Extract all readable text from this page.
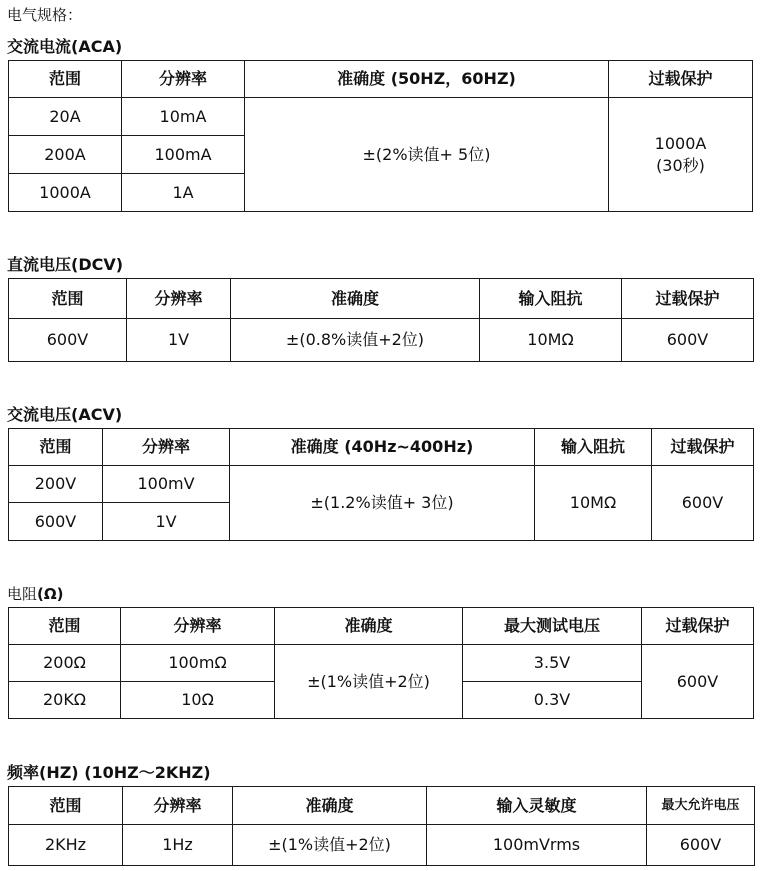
电气规格：
交流电流(ACA)
范围	分辨率	准确度 (50HZ，60HZ)	过载保护
20A	10mA	±(2%读值+ 5位)	1000A
(30秒)

200A	100mA		
1000A	1A		
直流电压(DCV)
范围	分辨率	准确度	输入阻抗	过载保护
600V	1V	±(0.8%读值+2位)	10MΩ	600V
交流电压(ACV)
范围	分辨率	准确度 (40Hz~400Hz)	输入阻抗	过载保护
200V	100mV	±(1.2%读值+ 3位)	10MΩ	600V
600V	1V			
电阻(Ω)
范围	分辨率	准确度	最大测试电压	过载保护
200Ω	100mΩ	±(1%读值+2位)	3.5V	600V
20KΩ	10Ω		0.3V	
频率(HZ) (10HZ～2KHZ)
范围	分辨率	准确度	输入灵敏度	最大允许电压
2KHz	1Hz	±(1%读值+2位)	100mVrms	600V
